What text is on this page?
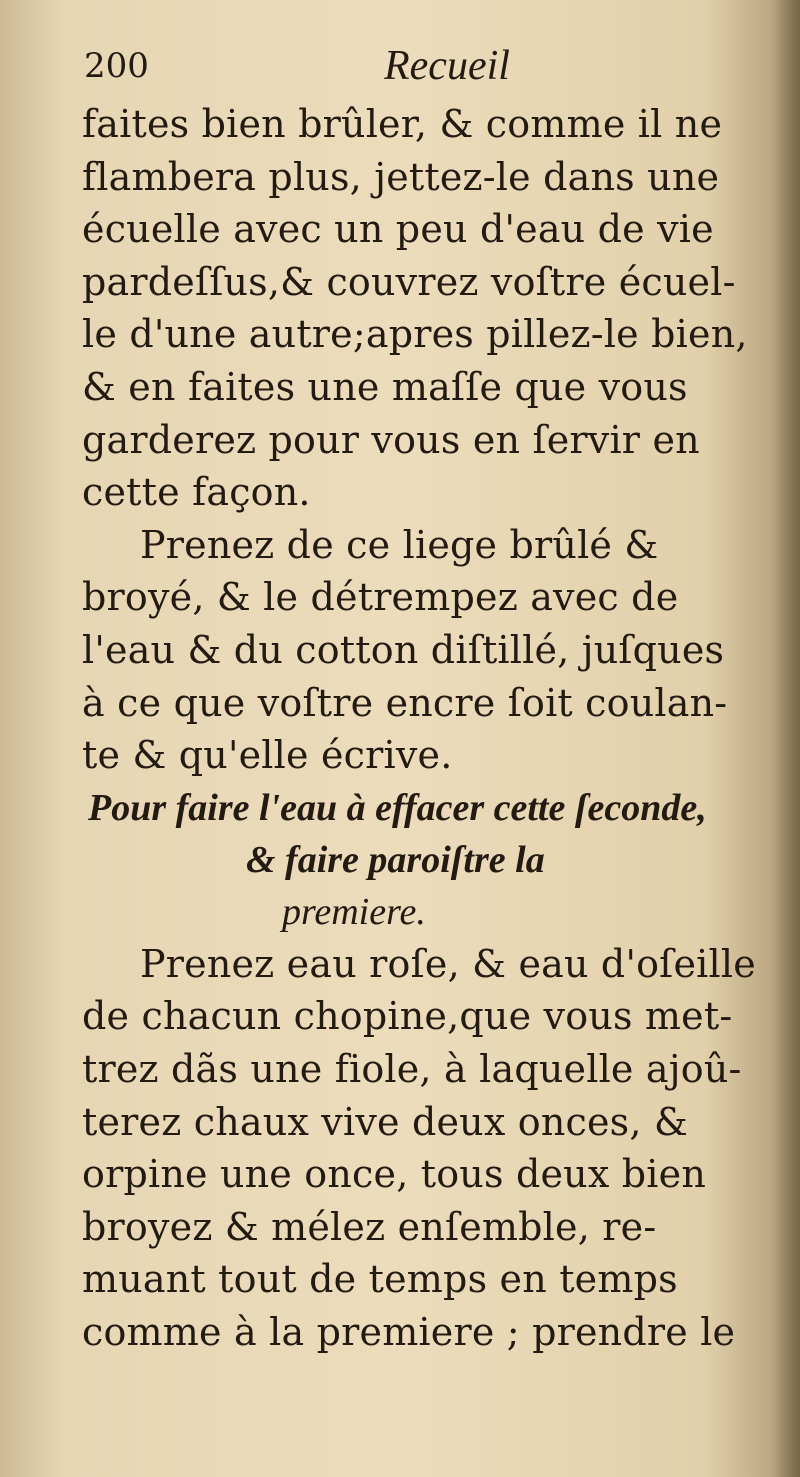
200	Recueil
faites bien brûler, & comme il ne
flambera plus, jettez-le dans une
écuelle avec un peu d'eau de vie
pardeſſus,& couvrez voſtre écuel-
le d'une autre;apres pillez-le bien,
& en faites une maſſe que vous
garderez pour vous en ſervir en
cette façon.
Prenez de ce liege brûlé &
broyé, & le détrempez avec de
l'eau & du cotton diſtillé, juſques
à ce que voſtre encre ſoit coulan-
te & qu'elle écrive.
Pour faire l'eau à effacer cette ſeconde,
& faire paroiſtre la
premiere.
Prenez eau roſe, & eau d'oſeille
de chacun chopine,que vous met-
trez dãs une fiole, à laquelle ajoû-
terez chaux vive deux onces, &
orpine une once, tous deux bien
broyez & mélez enſemble, re-
muant tout de temps en temps
comme à la premiere ; prendre le
